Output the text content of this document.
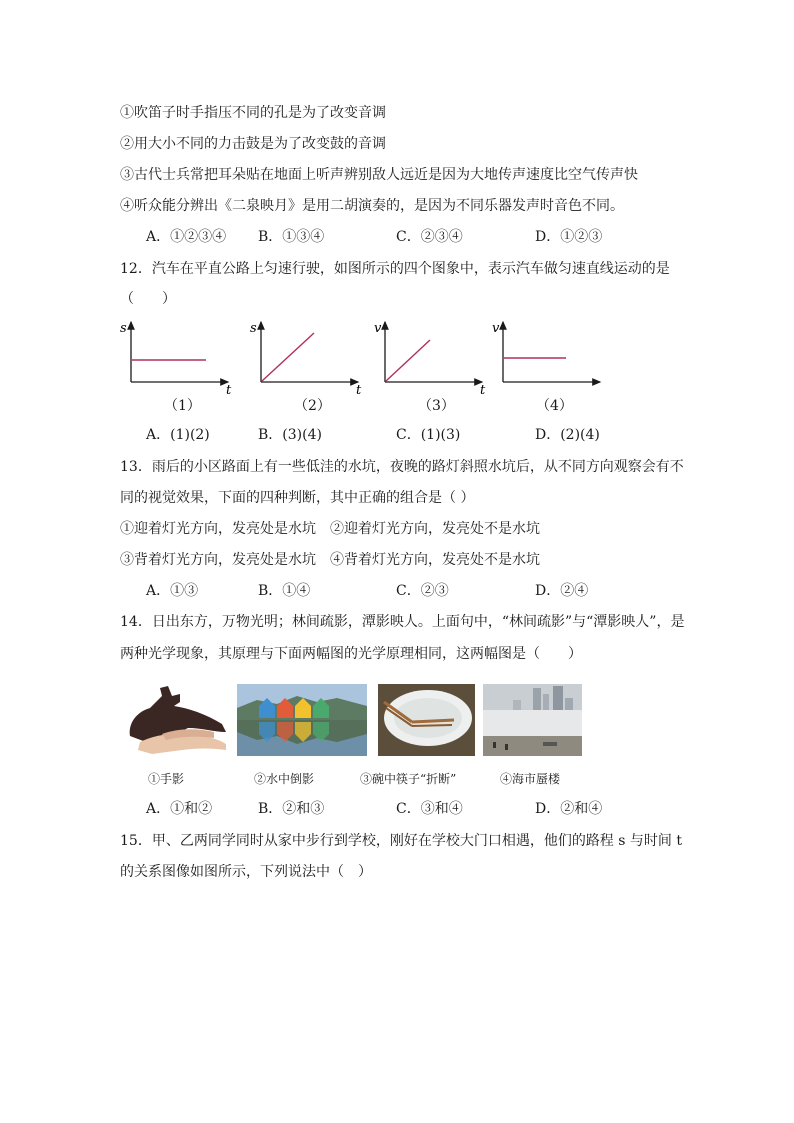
①吹笛子时手指压不同的孔是为了改变音调
②用大小不同的力击鼓是为了改变鼓的音调
③古代士兵常把耳朵贴在地面上听声辨别敌人远近是因为大地传声速度比空气传声快
④听众能分辨出《二泉映月》是用二胡演奏的，是因为不同乐器发声时音色不同。
A．①②③④ B．①③④	C．②③④	D．①②③
12．汽车在平直公路上匀速行驶，如图所示的四个图象中，表示汽车做匀速直线运动的是
（　　）
s
t
s
t
v
t
v
（1）	（2）	（3）	（4）
A．(1)(2)	B．(3)(4)	C．(1)(3)	D．(2)(4)
13．雨后的小区路面上有一些低洼的水坑，夜晚的路灯斜照水坑后，从不同方向观察会有不
同的视觉效果，下面的四种判断，其中正确的组合是（ ）
①迎着灯光方向，发亮处是水坑　②迎着灯光方向，发亮处不是水坑
③背着灯光方向，发亮处是水坑　④背着灯光方向，发亮处不是水坑
A．①③	B．①④	C．②③	D．②④
14．日出东方，万物光明；林间疏影，潭影映人。上面句中，“林间疏影”与“潭影映人”，是
两种光学现象，其原理与下面两幅图的光学原理相同，这两幅图是（　　）
①手影	②水中倒影	③碗中筷子“折断”	④海市蜃楼
A．①和②	B．②和③	C．③和④	D．②和④
15．甲、乙两同学同时从家中步行到学校，刚好在学校大门口相遇，他们的路程 s 与时间 t
的关系图像如图所示，下列说法中（　）
